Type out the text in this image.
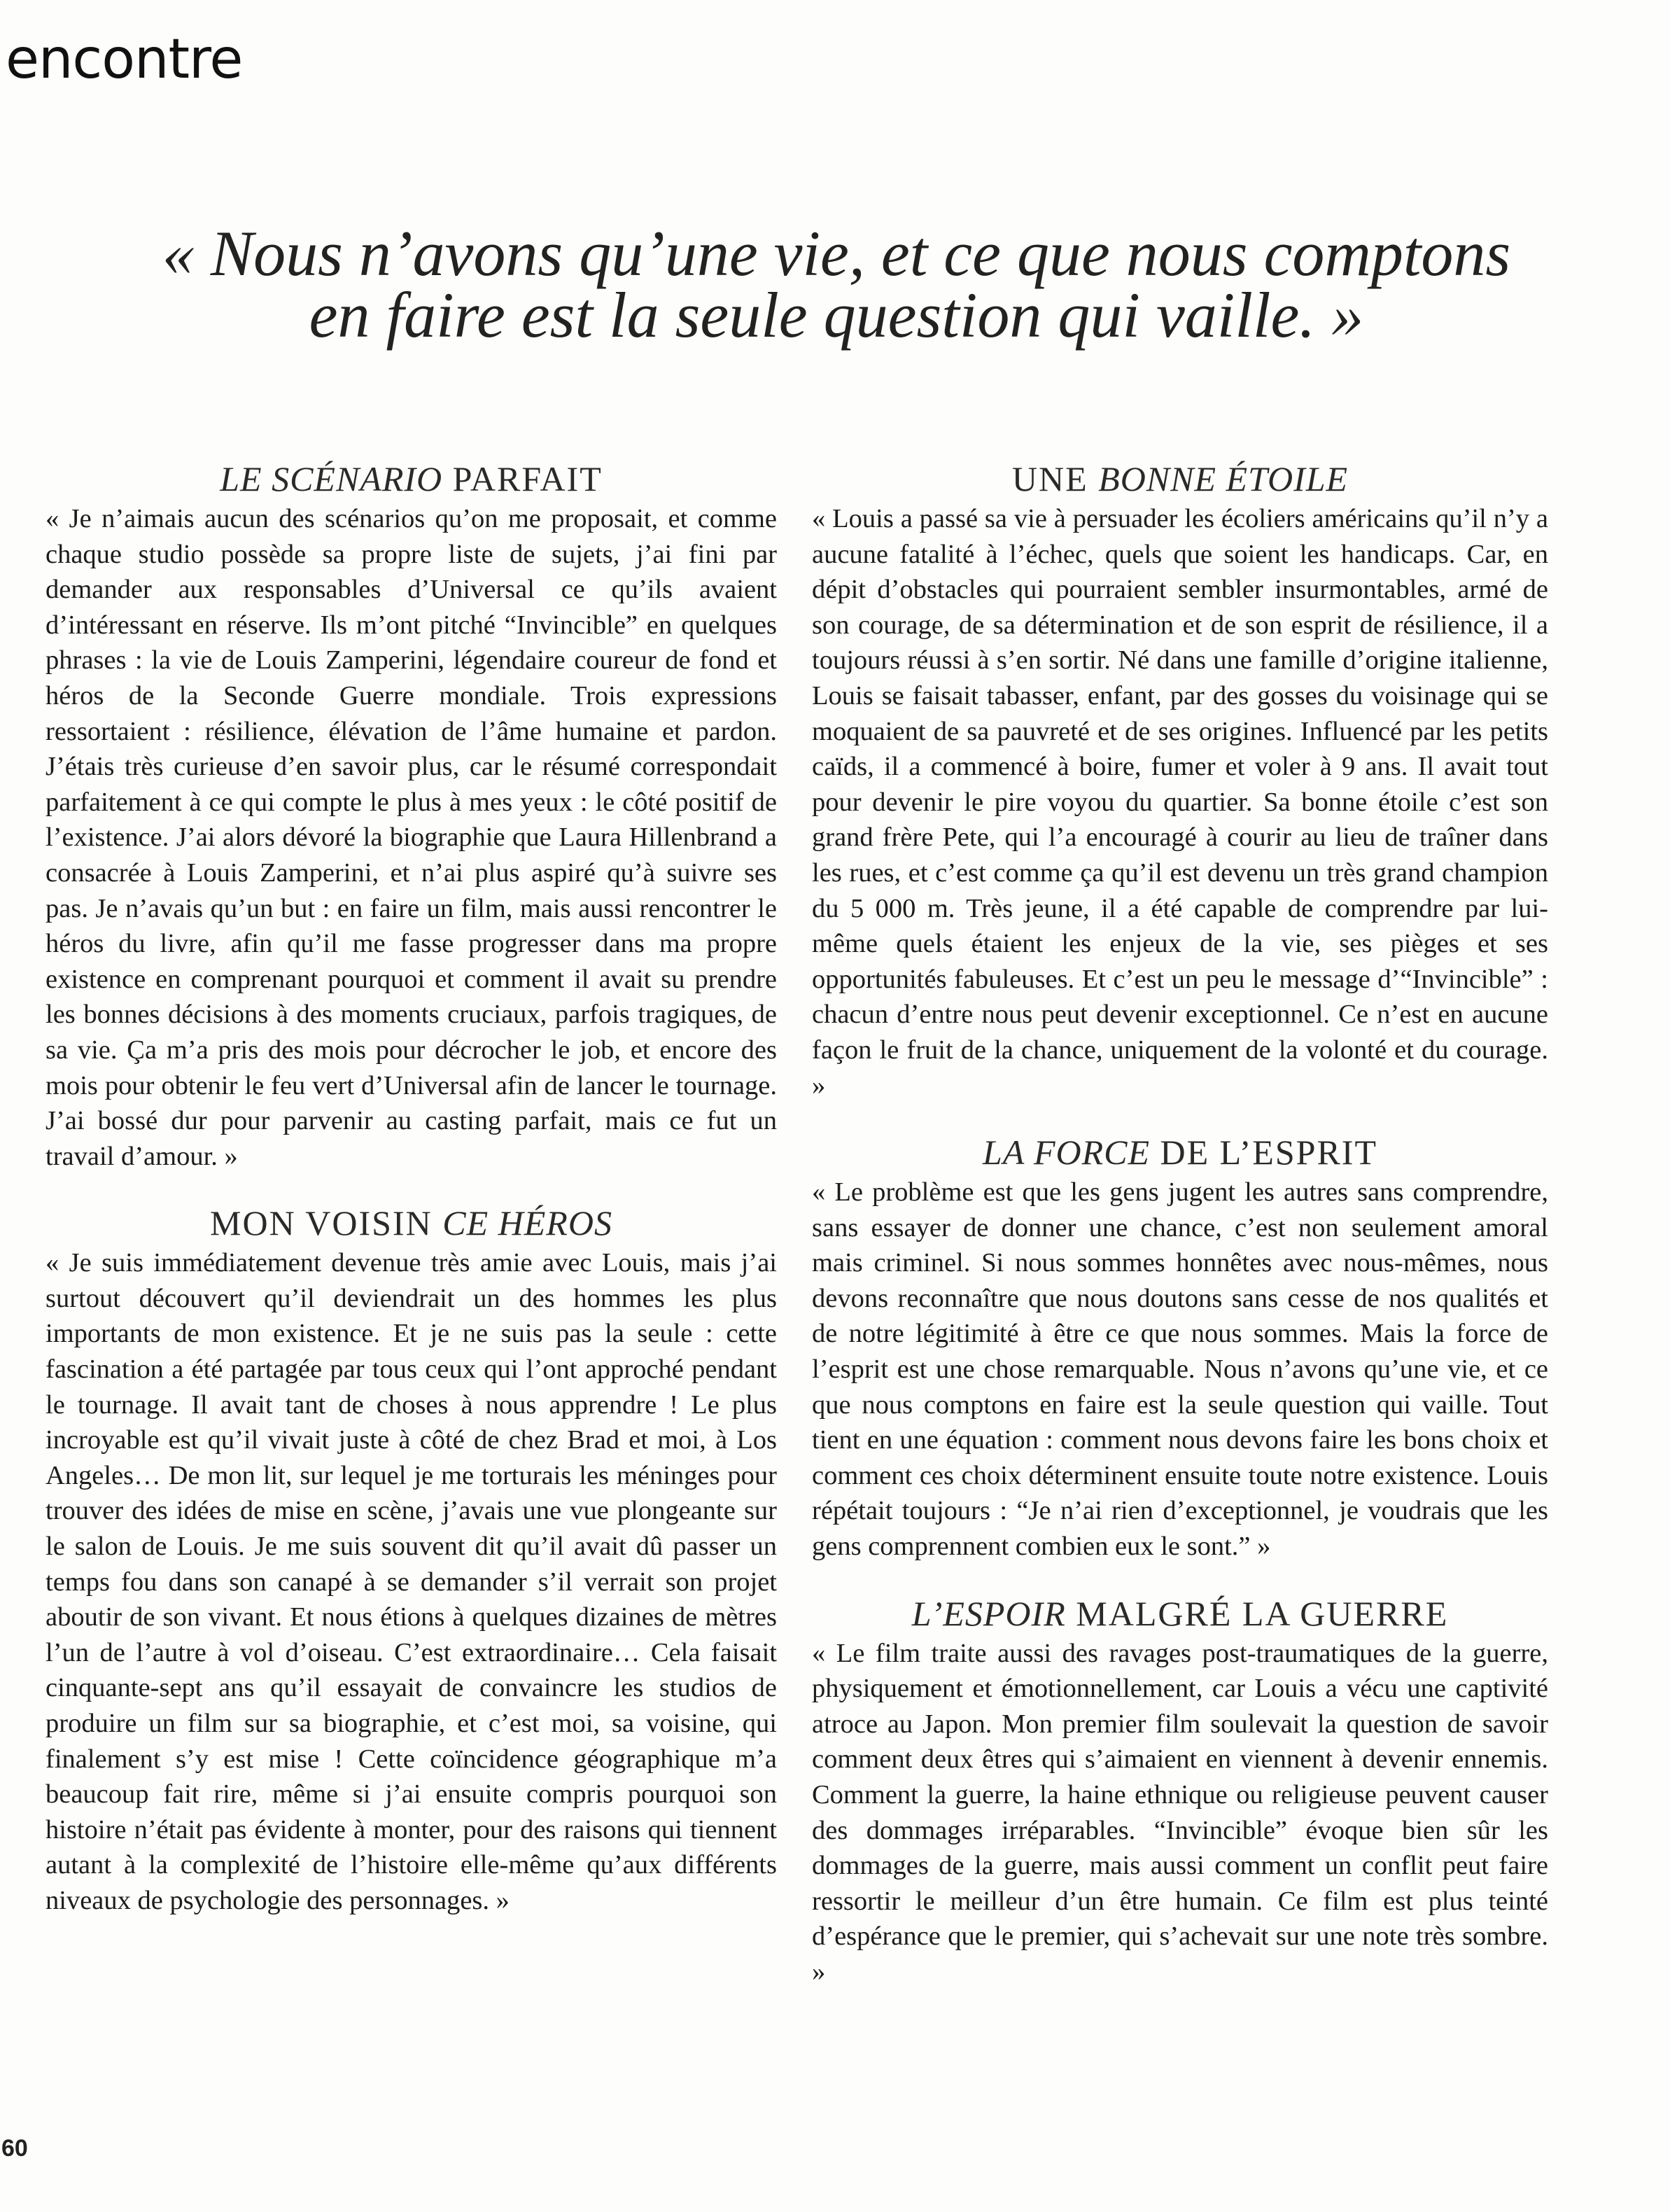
encontre
« Nous n’avons qu’une vie, et ce que nous comptons
en faire est la seule question qui vaille. »
LE SCÉNARIO PARFAIT

« Je n’aimais aucun des scénarios qu’on me proposait, et comme chaque studio possède sa propre liste de sujets, j’ai fini par demander aux responsables d’Universal ce qu’ils avaient d’intéressant en réserve. Ils m’ont pitché “Invincible” en quelques phrases : la vie de Louis Zamperini, légendaire coureur de fond et héros de la Seconde Guerre mondiale. Trois expressions ressortaient : résilience, élévation de l’âme humaine et pardon. J’étais très curieuse d’en savoir plus, car le résumé correspondait parfaitement à ce qui compte le plus à mes yeux : le côté positif de l’existence. J’ai alors dévoré la biographie que Laura Hillenbrand a consacrée à Louis Zamperini, et n’ai plus aspiré qu’à suivre ses pas. Je n’avais qu’un but : en faire un film, mais aussi rencontrer le héros du livre, afin qu’il me fasse progresser dans ma propre existence en comprenant pourquoi et comment il avait su prendre les bonnes décisions à des moments cruciaux, parfois tragiques, de sa vie. Ça m’a pris des mois pour décrocher le job, et encore des mois pour obtenir le feu vert d’Universal afin de lancer le tournage. J’ai bossé dur pour parvenir au casting parfait, mais ce fut un travail d’amour. »

MON VOISIN CE HÉROS

« Je suis immédiatement devenue très amie avec Louis, mais j’ai surtout découvert qu’il deviendrait un des hommes les plus importants de mon existence. Et je ne suis pas la seule : cette fascination a été partagée par tous ceux qui l’ont approché pendant le tournage. Il avait tant de choses à nous apprendre ! Le plus incroyable est qu’il vivait juste à côté de chez Brad et moi, à Los Angeles… De mon lit, sur lequel je me torturais les méninges pour trouver des idées de mise en scène, j’avais une vue plongeante sur le salon de Louis. Je me suis souvent dit qu’il avait dû passer un temps fou dans son canapé à se demander s’il verrait son projet aboutir de son vivant. Et nous étions à quelques dizaines de mètres l’un de l’autre à vol d’oiseau. C’est extraordinaire… Cela faisait cinquante-sept ans qu’il essayait de convaincre les studios de produire un film sur sa biographie, et c’est moi, sa voisine, qui finalement s’y est mise ! Cette coïncidence géographique m’a beaucoup fait rire, même si j’ai ensuite compris pourquoi son histoire n’était pas évidente à monter, pour des raisons qui tiennent autant à la complexité de l’histoire elle-même qu’aux différents niveaux de psychologie des personnages. »

UNE BONNE ÉTOILE

« Louis a passé sa vie à persuader les écoliers américains qu’il n’y a aucune fatalité à l’échec, quels que soient les handicaps. Car, en dépit d’obstacles qui pourraient sembler insurmontables, armé de son courage, de sa détermination et de son esprit de résilience, il a toujours réussi à s’en sortir. Né dans une famille d’origine italienne, Louis se faisait tabasser, enfant, par des gosses du voisinage qui se moquaient de sa pauvreté et de ses origines. Influencé par les petits caïds, il a commencé à boire, fumer et voler à 9 ans. Il avait tout pour devenir le pire voyou du quartier. Sa bonne étoile c’est son grand frère Pete, qui l’a encouragé à courir au lieu de traîner dans les rues, et c’est comme ça qu’il est devenu un très grand champion du 5 000 m. Très jeune, il a été capable de comprendre par lui-même quels étaient les enjeux de la vie, ses pièges et ses opportunités fabuleuses. Et c’est un peu le message d’“Invincible” : chacun d’entre nous peut devenir exceptionnel. Ce n’est en aucune façon le fruit de la chance, uniquement de la volonté et du courage. »

LA FORCE DE L’ESPRIT

« Le problème est que les gens jugent les autres sans comprendre, sans essayer de donner une chance, c’est non seulement amoral mais criminel. Si nous sommes honnêtes avec nous-mêmes, nous devons reconnaître que nous doutons sans cesse de nos qualités et de notre légitimité à être ce que nous sommes. Mais la force de l’esprit est une chose remarquable. Nous n’avons qu’une vie, et ce que nous comptons en faire est la seule question qui vaille. Tout tient en une équation : comment nous devons faire les bons choix et comment ces choix déterminent ensuite toute notre existence. Louis répétait toujours : “Je n’ai rien d’exceptionnel, je voudrais que les gens comprennent combien eux le sont.” »

L’ESPOIR MALGRÉ LA GUERRE

« Le film traite aussi des ravages post-traumatiques de la guerre, physiquement et émotionnellement, car Louis a vécu une captivité atroce au Japon. Mon premier film soulevait la question de savoir comment deux êtres qui s’aimaient en viennent à devenir ennemis. Comment la guerre, la haine ethnique ou religieuse peuvent causer des dommages irréparables. “Invincible” évoque bien sûr les dommages de la guerre, mais aussi comment un conflit peut faire ressortir le meilleur d’un être humain. Ce film est plus teinté d’espérance que le premier, qui s’achevait sur une note très sombre. »

60
